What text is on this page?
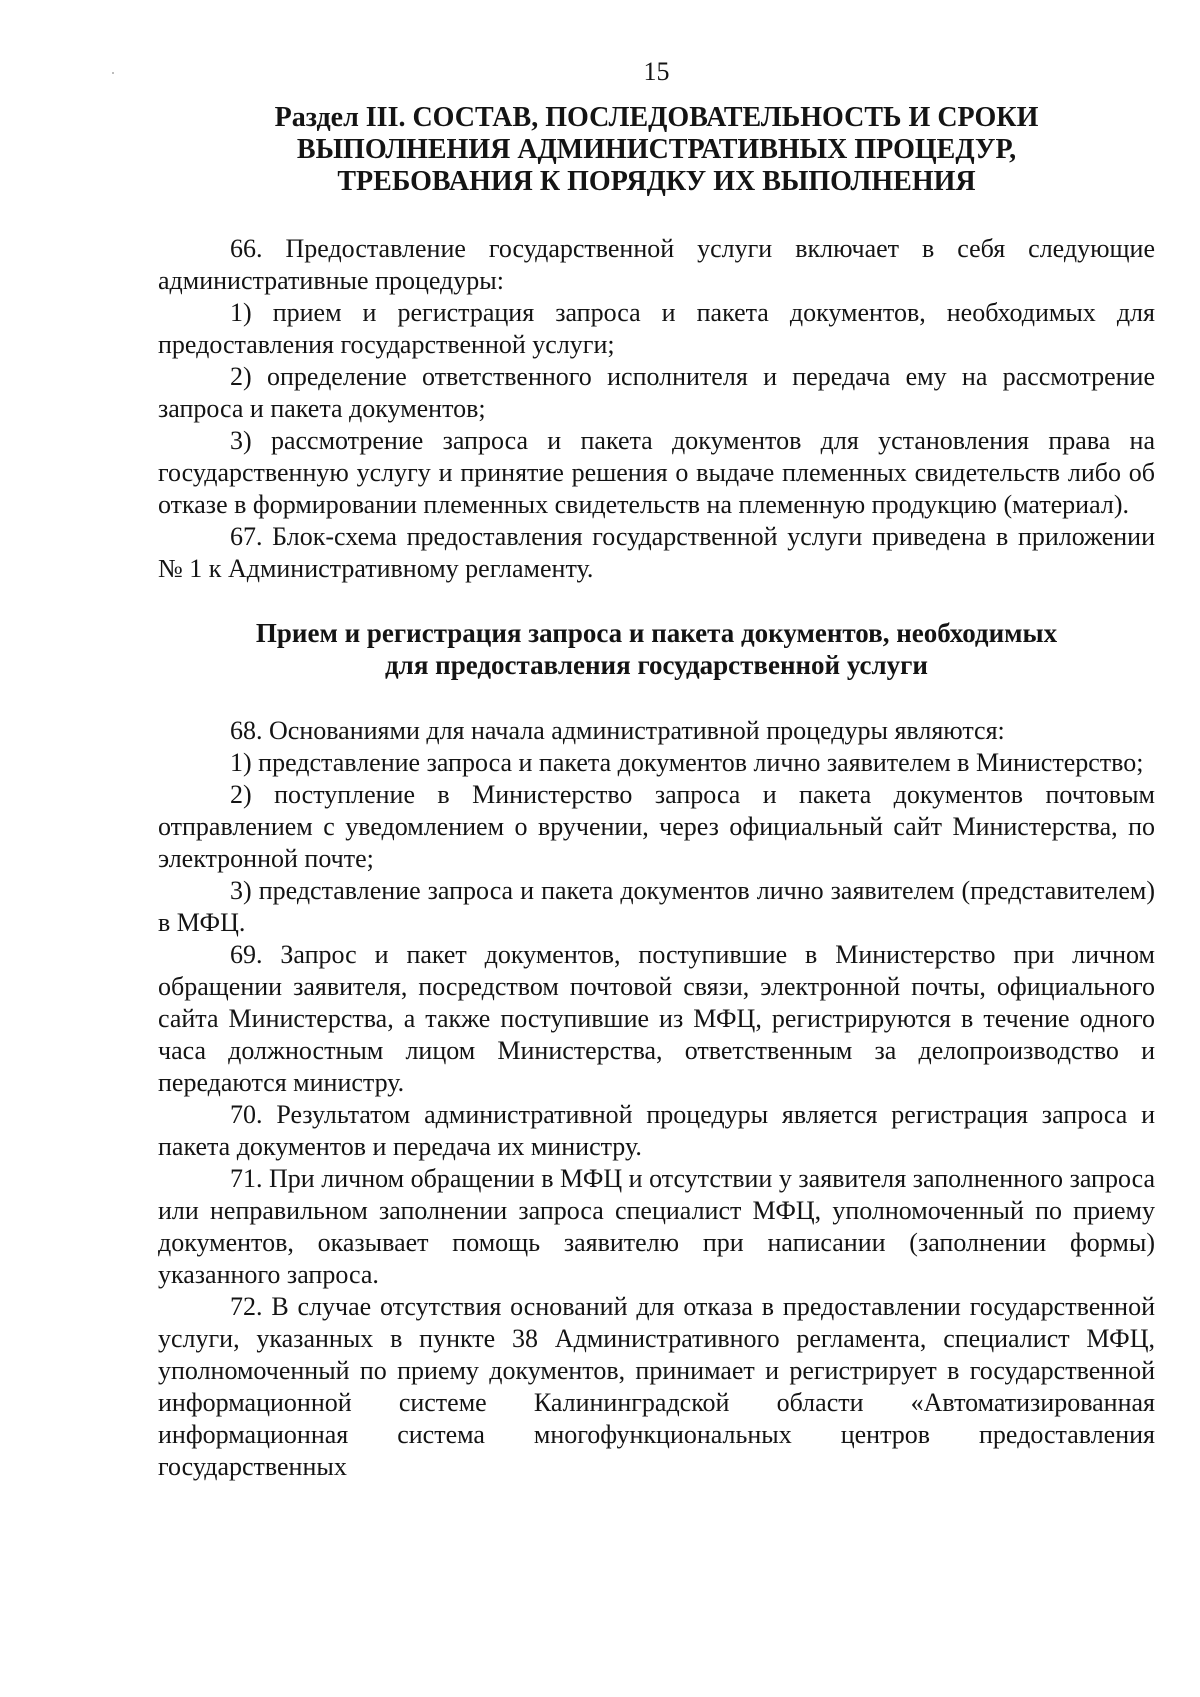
15
Раздел III. СОСТАВ, ПОСЛЕДОВАТЕЛЬНОСТЬ И СРОКИ
ВЫПОЛНЕНИЯ АДМИНИСТРАТИВНЫХ ПРОЦЕДУР,
ТРЕБОВАНИЯ К ПОРЯДКУ ИХ ВЫПОЛНЕНИЯ

66. Предоставление государственной услуги включает в себя следующие административные процедуры:

1) прием и регистрация запроса и пакета документов, необходимых для предоставления государственной услуги;

2) определение ответственного исполнителя и передача ему на рассмотрение запроса и пакета документов;

3) рассмотрение запроса и пакета документов для установления права на государственную услугу и принятие решения о выдаче племенных свидетельств либо об отказе в формировании племенных свидетельств на племенную продукцию (материал).

67. Блок-схема предоставления государственной услуги приведена в приложении № 1 к Административному регламенту.

Прием и регистрация запроса и пакета документов, необходимых
для предоставления государственной услуги

68. Основаниями для начала административной процедуры являются:

1) представление запроса и пакета документов лично заявителем в Министерство;

2) поступление в Министерство запроса и пакета документов почтовым отправлением с уведомлением о вручении, через официальный сайт Министерства, по электронной почте;

3) представление запроса и пакета документов лично заявителем (представителем) в МФЦ.

69. Запрос и пакет документов, поступившие в Министерство при личном обращении заявителя, посредством почтовой связи, электронной почты, официального сайта Министерства, а также поступившие из МФЦ, регистрируются в течение одного часа должностным лицом Министерства, ответственным за делопроизводство и передаются министру.

70. Результатом административной процедуры является регистрация запроса и пакета документов и передача их министру.

71. При личном обращении в МФЦ и отсутствии у заявителя заполненного запроса или неправильном заполнении запроса специалист МФЦ, уполномоченный по приему документов, оказывает помощь заявителю при написании (заполнении формы) указанного запроса.

72. В случае отсутствия оснований для отказа в предоставлении государственной услуги, указанных в пункте 38 Административного регламента, специалист МФЦ, уполномоченный по приему документов, принимает и регистрирует в государственной информационной системе Калининградской области «Автоматизированная информационная система многофункциональных центров предоставления государственных
